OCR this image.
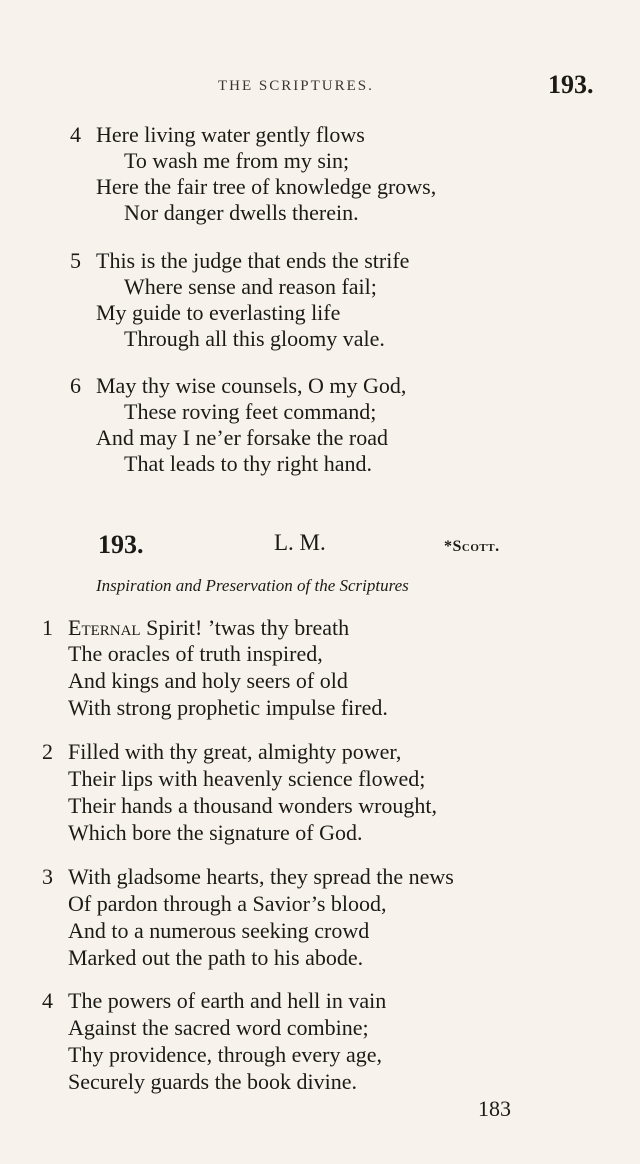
THE SCRIPTURES.	193.
4 Here living water gently flows
To wash me from my sin;
Here the fair tree of knowledge grows,
Nor danger dwells therein.
5 This is the judge that ends the strife
Where sense and reason fail;
My guide to everlasting life
Through all this gloomy vale.
6 May thy wise counsels, O my God,
These roving feet command;
And may I ne’er forsake the road
That leads to thy right hand.
193.	L. M.	*Scott.
Inspiration and Preservation of the Scriptures
1 Eternal Spirit! ’twas thy breath
The oracles of truth inspired,
And kings and holy seers of old
With strong prophetic impulse fired.
2 Filled with thy great, almighty power,
Their lips with heavenly science flowed;
Their hands a thousand wonders wrought,
Which bore the signature of God.
3 With gladsome hearts, they spread the news
Of pardon through a Savior’s blood,
And to a numerous seeking crowd
Marked out the path to his abode.
4 The powers of earth and hell in vain
Against the sacred word combine;
Thy providence, through every age,
Securely guards the book divine.
183
